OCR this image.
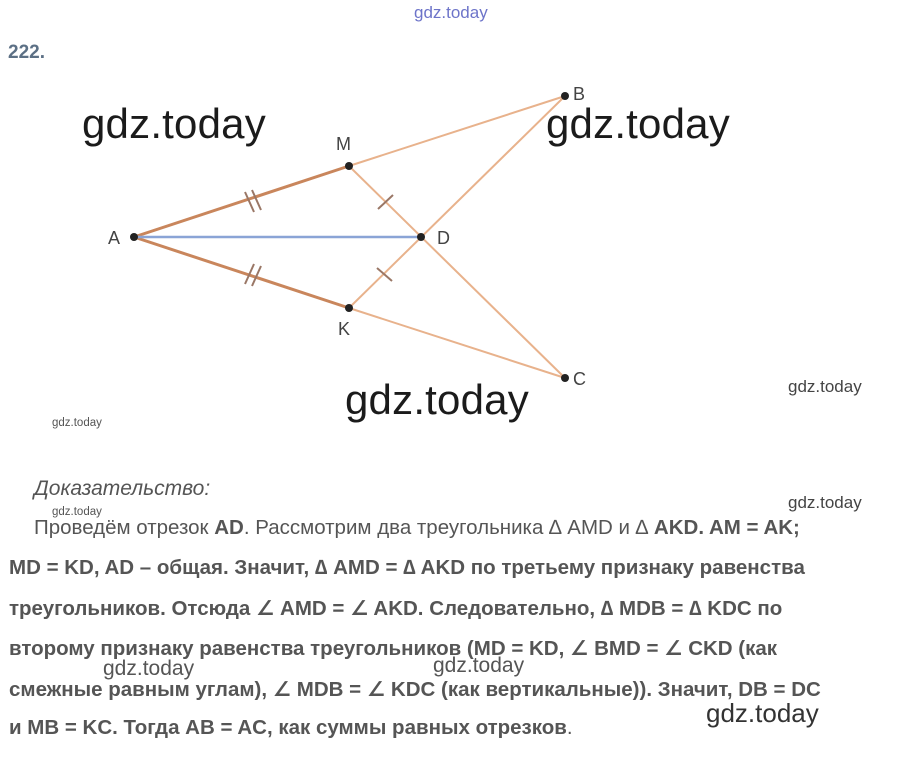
gdz.today
222.
A
M
K
D
B
C
gdz.today	gdz.today
gdz.today	gdz.today
gdz.today
Доказательство:
gdz.today	gdz.today
Проведём отрезок AD. Рассмотрим два треугольника ∆ AMD и ∆ AKD. AM = AK;
MD = KD, AD – общая. Значит, ∆ AMD = ∆ AKD по третьему признаку равенства
треугольников. Отсюда ∠ AMD = ∠ AKD. Следовательно, ∆ MDB = ∆ KDC по
второму признаку равенства треугольников (MD = KD, ∠ BMD = ∠ CKD (как
смежные равным углам), ∠ MDB = ∠ KDC (как вертикальные)). Значит, DB = DC
и MB = KC. Тогда AB = AC, как суммы равных отрезков.
gdz.today	gdz.today
gdz.today
